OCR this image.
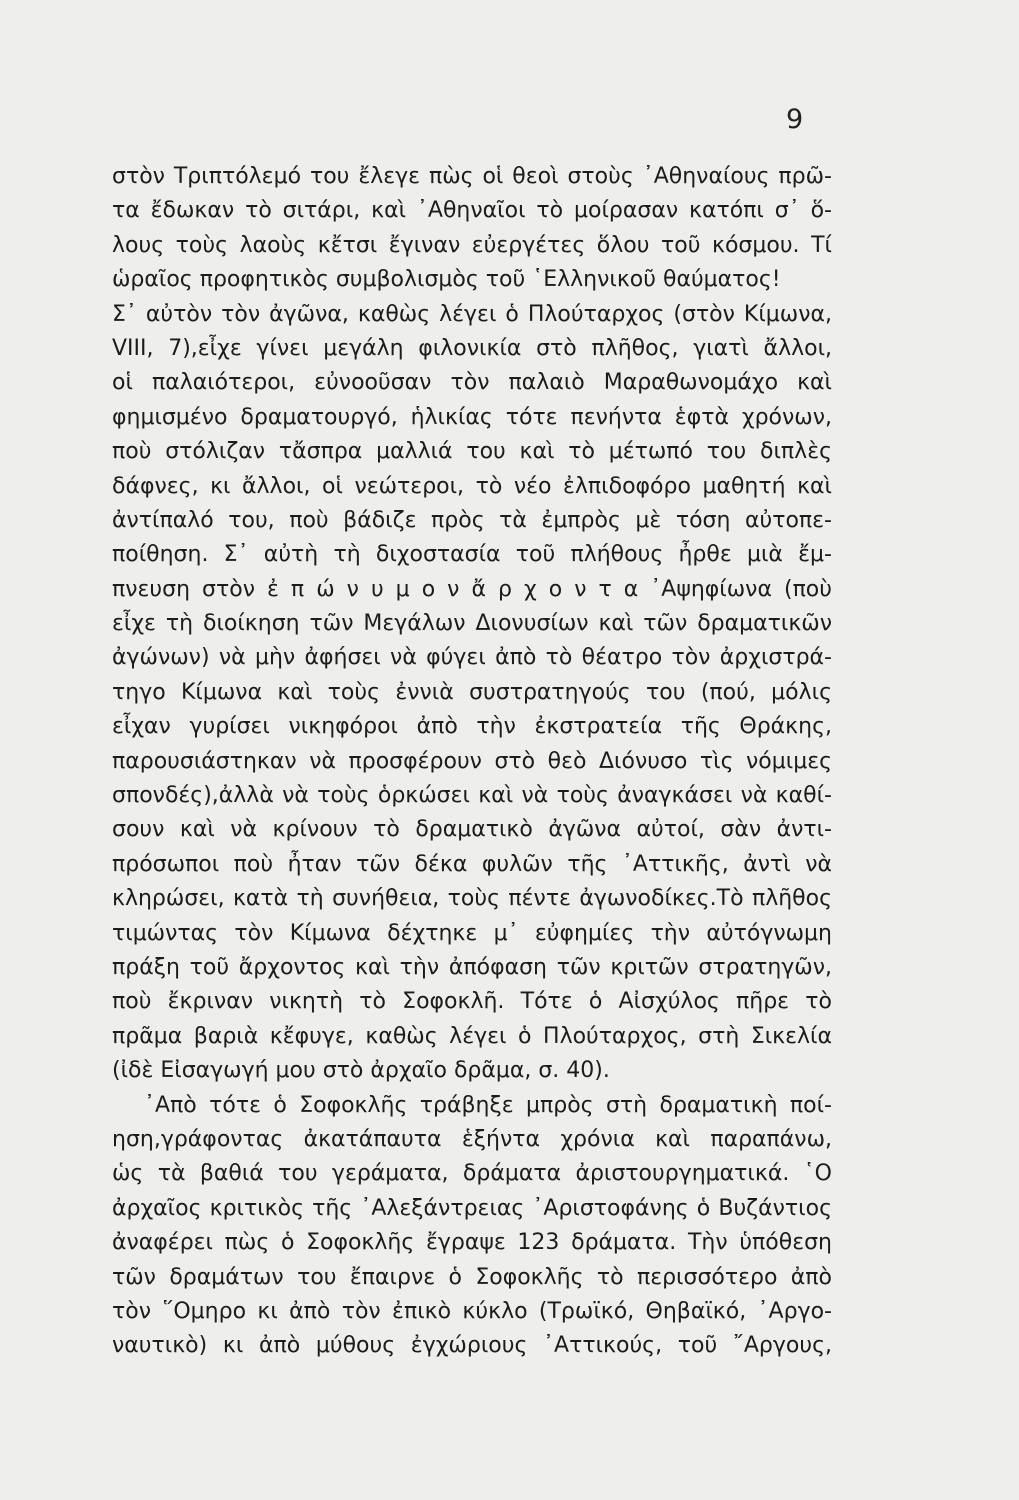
9
στὸν Τριπτόλεμό του ἔλεγε πὼς οἱ θεοὶ στοὺς ᾽Αθηναίους πρῶ-
τα ἔδωκαν τὸ σιτάρι, καὶ ᾽Αθηναῖοι τὸ μοίρασαν κατόπι σ᾽ ὅ-
λους τοὺς λαοὺς κἔτσι ἔγιναν εὐεργέτες ὅλου τοῦ κόσμου. Τί
ὡραῖος προφητικὸς συμβολισμὸς τοῦ ῾Ελληνικοῦ θαύματος!
Σ᾽ αὐτὸν τὸν ἀγῶνα, καθὼς λέγει ὁ Πλούταρχος (στὸν Κίμωνα,
VIII, 7),εἶχε γίνει μεγάλη φιλονικία στὸ πλῆθος, γιατὶ ἄλλοι,
οἱ παλαιότεροι, εὐνοοῦσαν τὸν παλαιὸ Μαραθωνομάχο καὶ
φημισμένο δραματουργό, ἡλικίας τότε πενήντα ἑφτὰ χρόνων,
ποὺ στόλιζαν τἄσπρα μαλλιά του καὶ τὸ μέτωπό του διπλὲς
δάφνες, κι ἄλλοι, οἱ νεώτεροι, τὸ νέο ἐλπιδοφόρο μαθητή καὶ
ἀντίπαλό του, ποὺ βάδιζε πρὸς τὰ ἐμπρὸς μὲ τόση αὐτοπε-
ποίθηση. Σ᾽ αὐτὴ τὴ διχοστασία τοῦ πλήθους ἦρθε μιὰ ἔμ-
πνευση στὸν ἐ π ώ ν υ μ ο ν ἄ ρ χ ο ν τ α ᾽Αψηφίωνα (ποὺ
εἶχε τὴ διοίκηση τῶν Μεγάλων Διονυσίων καὶ τῶν δραματικῶν
ἀγώνων) νὰ μὴν ἀφήσει νὰ φύγει ἀπὸ τὸ θέατρο τὸν ἀρχιστρά-
τηγο Κίμωνα καὶ τοὺς ἐννιὰ συστρατηγούς του (πού, μόλις
εἶχαν γυρίσει νικηφόροι ἀπὸ τὴν ἐκστρατεία τῆς Θράκης,
παρουσιάστηκαν νὰ προσφέρουν στὸ θεὸ Διόνυσο τὶς νόμιμες
σπονδές),ἀλλὰ νὰ τοὺς ὁρκώσει καὶ νὰ τοὺς ἀναγκάσει νὰ καθί-
σουν καὶ νὰ κρίνουν τὸ δραματικὸ ἀγῶνα αὐτοί, σὰν ἀντι-
πρόσωποι ποὺ ἦταν τῶν δέκα φυλῶν τῆς ᾽Αττικῆς, ἀντὶ νὰ
κληρώσει, κατὰ τὴ συνήθεια, τοὺς πέντε ἀγωνοδίκες.Τὸ πλῆθος
τιμώντας τὸν Κίμωνα δέχτηκε μ᾽ εὐφημίες τὴν αὐτόγνωμη
πράξη τοῦ ἄρχοντος καὶ τὴν ἀπόφαση τῶν κριτῶν στρατηγῶν,
ποὺ ἔκριναν νικητὴ τὸ Σοφοκλῆ. Τότε ὁ Αἰσχύλος πῆρε τὸ
πρᾶμα βαριὰ κἔφυγε, καθὼς λέγει ὁ Πλούταρχος, στὴ Σικελία
(ἰδὲ Εἰσαγωγή μου στὸ ἀρχαῖο δρᾶμα, σ. 40).
᾽Απὸ τότε ὁ Σοφοκλῆς τράβηξε μπρὸς στὴ δραματικὴ ποί-
ηση,γράφοντας ἀκατάπαυτα ἑξήντα χρόνια καὶ παραπάνω,
ὡς τὰ βαθιά του γεράματα, δράματα ἀριστουργηματικά. ῾Ο
ἀρχαῖος κριτικὸς τῆς ᾽Αλεξάντρειας ᾽Αριστοφάνης ὁ Βυζάντιος
ἀναφέρει πὼς ὁ Σοφοκλῆς ἔγραψε 123 δράματα. Τὴν ὑπόθεση
τῶν δραμάτων του ἔπαιρνε ὁ Σοφοκλῆς τὸ περισσότερο ἀπὸ
τὸν ῞Ομηρο κι ἀπὸ τὸν ἐπικὸ κύκλο (Τρωϊκό, Θηβαϊκό, ᾽Αργο-
ναυτικὸ) κι ἀπὸ μύθους ἐγχώριους ᾽Αττικούς, τοῦ ῎Αργους,
